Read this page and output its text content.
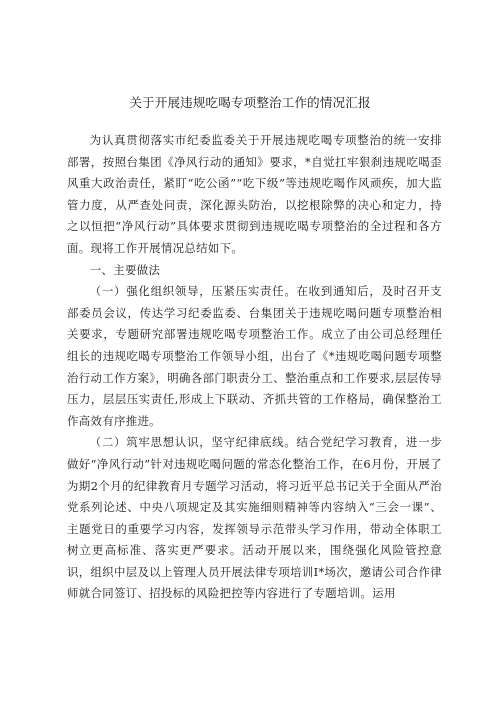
关于开展违规吃喝专项整治工作的情况汇报

为认真贯彻落实市纪委监委关于开展违规吃喝专项整治的统一安排部署，按照台集团《净风行动的通知》要求，*自觉扛牢狠刹违规吃喝歪风重大政治责任，紧盯“吃公函”“吃下级”等违规吃喝作风顽疾，加大监管力度，从严查处问责，深化源头防治，以挖根除弊的决心和定力，持之以恒把“净风行动”具体要求贯彻到违规吃喝专项整治的全过程和各方面。现将工作开展情况总结如下。

一、主要做法

（一）强化组织领导，压紧压实责任。在收到通知后，及时召开支部委员会议，传达学习纪委监委、台集团关于违规吃喝问题专项整治相关要求，专题研究部署违规吃喝专项整治工作。成立了由公司总经理任组长的违规吃喝专项整治工作领导小组，出台了《*违规吃喝问题专项整治行动工作方案》，明确各部门职责分工、整治重点和工作要求,层层传导压力，层层压实责任,形成上下联动、齐抓共管的工作格局，确保整治工作高效有序推进。

（二）筑牢思想认识，坚守纪律底线。结合党纪学习教育，进一步做好“净风行动”针对违规吃喝问题的常态化整治工作，在6月份，开展了为期2个月的纪律教育月专题学习活动，将习近平总书记关于全面从严治党系列论述、中央八项规定及其实施细则精神等内容纳入“三会一课”、主题党日的重要学习内容，发挥领导示范带头学习作用，带动全体职工树立更高标准、落实更严要求。活动开展以来，围绕强化风险管控意识，组织中层及以上管理人员开展法律专项培训I*场次，邀请公司合作律师就合同签订、招投标的风险把控等内容进行了专题培训。运用
